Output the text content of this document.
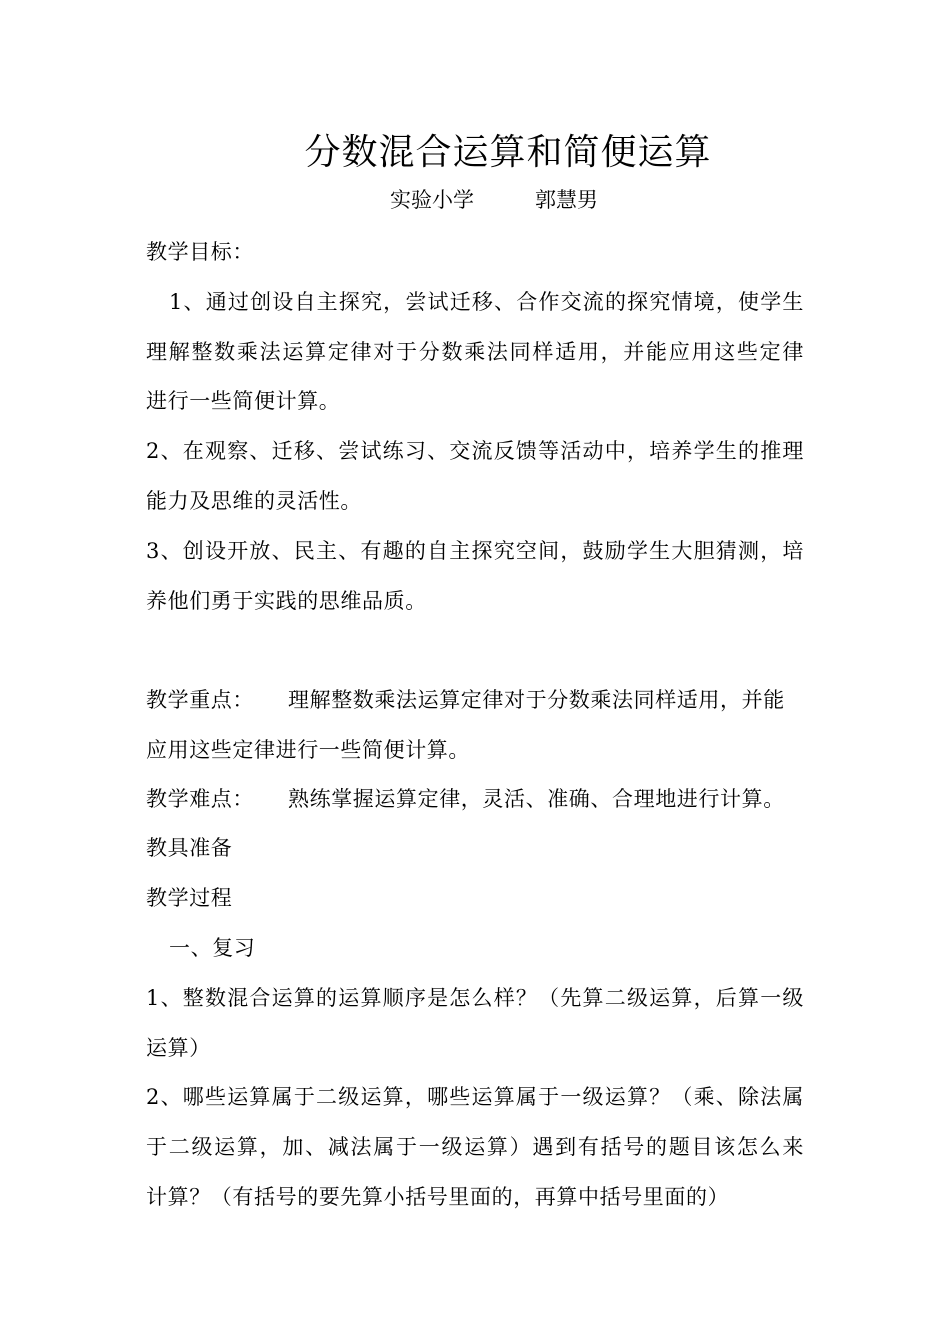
分数混合运算和简便运算
实验小学	郭慧男
教学目标：
1、通过创设自主探究，尝试迁移、合作交流的探究情境，使学生
理解整数乘法运算定律对于分数乘法同样适用，并能应用这些定律
进行一些简便计算。
2、在观察、迁移、尝试练习、交流反馈等活动中，培养学生的推理
能力及思维的灵活性。
3、创设开放、民主、有趣的自主探究空间，鼓励学生大胆猜测，培
养他们勇于实践的思维品质。
教学重点： 理解整数乘法运算定律对于分数乘法同样适用，并能
应用这些定律进行一些简便计算。
教学难点： 熟练掌握运算定律，灵活、准确、合理地进行计算。
教具准备
教学过程
一、复习
1、整数混合运算的运算顺序是怎么样？（先算二级运算，后算一级
运算）
2、哪些运算属于二级运算，哪些运算属于一级运算？（乘、除法属
于二级运算，加、减法属于一级运算）遇到有括号的题目该怎么来
计算？（有括号的要先算小括号里面的，再算中括号里面的）
